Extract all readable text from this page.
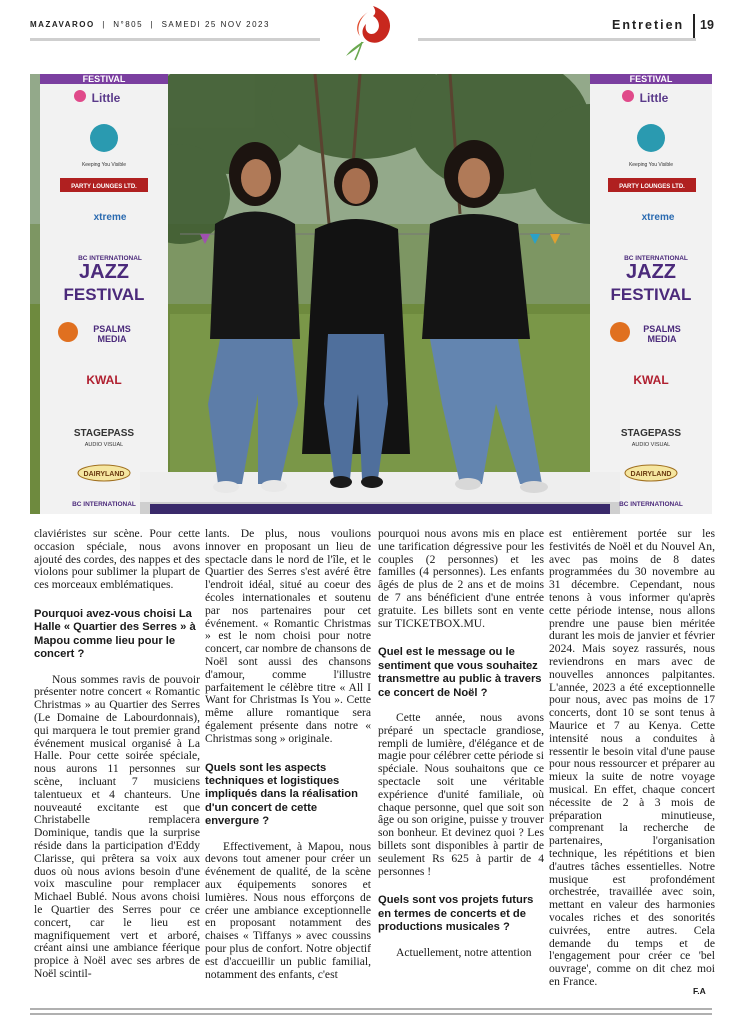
MAZAVAROO  |  N°805  |  SAMEDI 25 NOV 2023	Entretien 19
FESTIVAL
Little
Keeping You Visible
PARTY LOUNGES LTD.
xtreme
BC INTERNATIONAL
JAZZ
FESTIVAL
PSALMS
MEDIA
KWAL
STAGEPASS
AUDIO VISUAL
DAIRYLAND
BC INTERNATIONAL
FESTIVAL
Little
Keeping You Visible
PARTY LOUNGES LTD.
xtreme
BC INTERNATIONAL
JAZZ
FESTIVAL
PSALMS
MEDIA
KWAL
STAGEPASS
AUDIO VISUAL
DAIRYLAND
BC INTERNATIONAL

claviéristes sur scène. Pour cette occasion spéciale, nous avons ajouté des cordes, des nappes et des violons pour sublimer la plupart de ces morceaux emblématiques.

Pourquoi avez-vous choisi La Halle « Quartier des Serres » à Mapou comme lieu pour le concert ?

Nous sommes ravis de pouvoir présenter notre concert « Romantic Christmas » au Quartier des Serres (Le Domaine de Labourdonnais), qui marquera le tout premier grand événement musical organisé à La Halle. Pour cette soirée spéciale, nous aurons 11 personnes sur scène, incluant 7 musiciens talentueux et 4 chanteurs. Une nouveauté excitante est que Christabelle remplacera Dominique, tandis que la surprise réside dans la participation d'Eddy Clarisse, qui prêtera sa voix aux duos où nous avions besoin d'une voix masculine pour remplacer Michael Bublé. Nous avons choisi le Quartier des Serres pour ce concert, car le lieu est magnifiquement vert et arboré, créant ainsi une ambiance féerique propice à Noël avec ses arbres de Noël scintil-

lants. De plus, nous voulions innover en proposant un lieu de spectacle dans le nord de l'île, et le Quartier des Serres s'est avéré être l'endroit idéal, situé au coeur des écoles internationales et soutenu par nos partenaires pour cet événement. « Romantic Christmas » est le nom choisi pour notre concert, car nombre de chansons de Noël sont aussi des chansons d'amour, comme l'illustre parfaitement le célèbre titre « All I Want for Christmas Is You ». Cette même allure romantique sera également présente dans notre « Christmas song » originale.

Quels sont les aspects techniques et logistiques impliqués dans la réalisation d'un concert de cette envergure ?

Effectivement, à Mapou, nous devons tout amener pour créer un événement de qualité, de la scène aux équipements sonores et lumières. Nous nous efforçons de créer une ambiance exceptionnelle en proposant notamment des chaises « Tiffanys » avec coussins pour plus de confort. Notre objectif est d'accueillir un public familial, notamment des enfants, c'est

pourquoi nous avons mis en place une tarification dégressive pour les couples (2 personnes) et les familles (4 personnes). Les enfants âgés de plus de 2 ans et de moins de 7 ans bénéficient d'une entrée gratuite. Les billets sont en vente sur TICKETBOX.MU.

Quel est le message ou le sentiment que vous souhaitez transmettre au public à travers ce concert de Noël ?

Cette année, nous avons préparé un spectacle grandiose, rempli de lumière, d'élégance et de magie pour célébrer cette période si spéciale. Nous souhaitons que ce spectacle soit une véritable expérience d'unité familiale, où chaque personne, quel que soit son âge ou son origine, puisse y trouver son bonheur. Et devinez quoi ? Les billets sont disponibles à partir de seulement Rs 625 à partir de 4 personnes !

Quels sont vos projets futurs en termes de concerts et de productions musicales ?

Actuellement, notre attention

est entièrement portée sur les festivités de Noël et du Nouvel An, avec pas moins de 8 dates programmées du 30 novembre au 31 décembre. Cependant, nous tenons à vous informer qu'après cette période intense, nous allons prendre une pause bien méritée durant les mois de janvier et février 2024. Mais soyez rassurés, nous reviendrons en mars avec de nouvelles annonces palpitantes. L'année, 2023 a été exceptionnelle pour nous, avec pas moins de 17 concerts, dont 10 se sont tenus à Maurice et 7 au Kenya. Cette intensité nous a conduites à ressentir le besoin vital d'une pause pour nous ressourcer et préparer au mieux la suite de notre voyage musical. En effet, chaque concert nécessite de 2 à 3 mois de préparation minutieuse, comprenant la recherche de partenaires, l'organisation technique, les répétitions et bien d'autres tâches essentielles. Notre musique est profondément orchestrée, travaillée avec soin, mettant en valeur des harmonies vocales riches et des sonorités cuivrées, entre autres. Cela demande du temps et de l'engagement pour créer ce 'bel ouvrage', comme on dit chez moi en France.

F.A
